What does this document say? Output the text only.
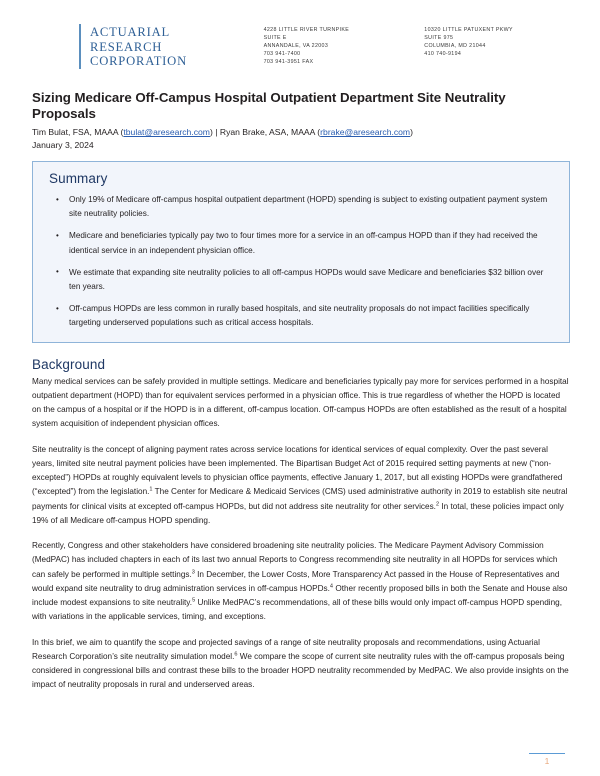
ACTUARIAL
RESEARCH
CORPORATION
4228 LITTLE RIVER TURNPIKE
SUITE E
ANNANDALE, VA 22003
703 941-7400
703 941-3951 FAX
10320 LITTLE PATUXENT PKWY
SUITE 975
COLUMBIA, MD 21044
410 740-9194
Sizing Medicare Off-Campus Hospital Outpatient Department Site Neutrality Proposals
Tim Bulat, FSA, MAAA (tbulat@aresearch.com) | Ryan Brake, ASA, MAAA (rbrake@aresearch.com)
January 3, 2024
Summary
• Only 19% of Medicare off-campus hospital outpatient department (HOPD) spending is subject to existing outpatient payment system site neutrality policies.
• Medicare and beneficiaries typically pay two to four times more for a service in an off-campus HOPD than if they had received the identical service in an independent physician office.
• We estimate that expanding site neutrality policies to all off-campus HOPDs would save Medicare and beneficiaries $32 billion over ten years.
• Off-campus HOPDs are less common in rurally based hospitals, and site neutrality proposals do not impact facilities specifically targeting underserved populations such as critical access hospitals.
Background

Many medical services can be safely provided in multiple settings. Medicare and beneficiaries typically pay more for services performed in a hospital outpatient department (HOPD) than for equivalent services performed in a physician office. This is true regardless of whether the HOPD is located on the campus of a hospital or if the HOPD is in a different, off-campus location. Off-campus HOPDs are often established as the result of a hospital system acquisition of independent physician offices.

Site neutrality is the concept of aligning payment rates across service locations for identical services of equal complexity. Over the past several years, limited site neutral payment policies have been implemented. The Bipartisan Budget Act of 2015 required setting payments at new (“non-excepted”) HOPDs at roughly equivalent levels to physician office payments, effective January 1, 2017, but all existing HOPDs were grandfathered (“excepted”) from the legislation.$^1$ The Center for Medicare & Medicaid Services (CMS) used administrative authority in 2019 to establish site neutral payments for clinical visits at excepted off-campus HOPDs, but did not address site neutrality for other services.$^2$ In total, these policies impact only 19% of all Medicare off-campus HOPD spending.

Recently, Congress and other stakeholders have considered broadening site neutrality policies. The Medicare Payment Advisory Commission (MedPAC) has included chapters in each of its last two annual Reports to Congress recommending site neutrality in all HOPDs for services which can safely be performed in multiple settings.$^3$ In December, the Lower Costs, More Transparency Act passed in the House of Representatives and would expand site neutrality to drug administration services in off-campus HOPDs.$^4$ Other recently proposed bills in both the Senate and House also include modest expansions to site neutrality.$^5$ Unlike MedPAC’s recommendations, all of these bills would only impact off-campus HOPD spending, with variations in the applicable services, timing, and exceptions.

In this brief, we aim to quantify the scope and projected savings of a range of site neutrality proposals and recommendations, using Actuarial Research Corporation’s site neutrality simulation model.$^6$ We compare the scope of current site neutrality rules with the off-campus proposals being considered in congressional bills and contrast these bills to the broader HOPD neutrality recommended by MedPAC. We also provide insights on the impact of neutrality proposals in rural and underserved areas.

1
